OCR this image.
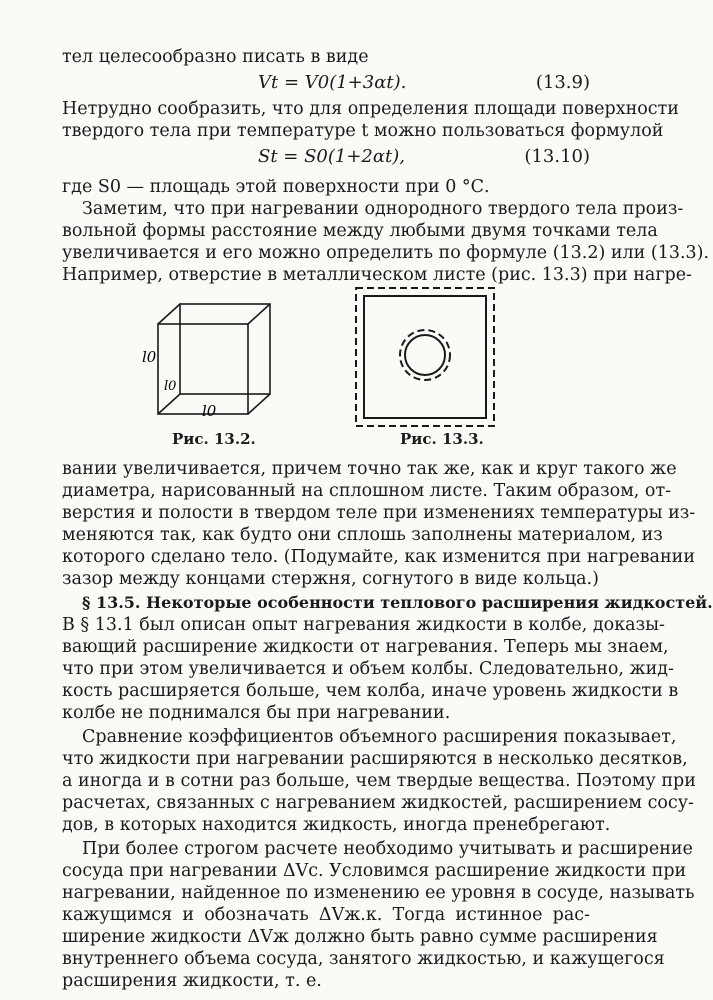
тел целесообразно писать в виде
Vt = V0(1+3αt).	(13.9)
Нетрудно сообразить, что для определения площади поверхности
твердого тела при температуре t можно пользоваться формулой
St = S0(1+2αt),	(13.10)
где S0 — площадь этой поверхности при 0 °С.
Заметим, что при нагревании однородного твердого тела произ-
вольной формы расстояние между любыми двумя точками тела
увеличивается и его можно определить по формуле (13.2) или (13.3).
Например, отверстие в металлическом листе (рис. 13.3) при нагре-
l0
l0
l0
Рис. 13.2.	Рис. 13.3.
вании увеличивается, причем точно так же, как и круг такого же
диаметра, нарисованный на сплошном листе. Таким образом, от-
верстия и полости в твердом теле при изменениях температуры из-
меняются так, как будто они сплошь заполнены материалом, из
которого сделано тело. (Подумайте, как изменится при нагревании
зазор между концами стержня, согнутого в виде кольца.)
§ 13.5. Некоторые особенности теплового расширения жидкостей.
В § 13.1 был описан опыт нагревания жидкости в колбе, доказы-
вающий расширение жидкости от нагревания. Теперь мы знаем,
что при этом увеличивается и объем колбы. Следовательно, жид-
кость расширяется больше, чем колба, иначе уровень жидкости в
колбе не поднимался бы при нагревании.
Сравнение коэффициентов объемного расширения показывает,
что жидкости при нагревании расширяются в несколько десятков,
а иногда и в сотни раз больше, чем твердые вещества. Поэтому при
расчетах, связанных с нагреванием жидкостей, расширением сосу-
дов, в которых находится жидкость, иногда пренебрегают.
При более строгом расчете необходимо учитывать и расширение
сосуда при нагревании ΔVc. Условимся расширение жидкости при
нагревании, найденное по изменению ее уровня в сосуде, называть
кажущимся и обозначать ΔVж.к. Тогда истинное рас-
ширение жидкости ΔVж должно быть равно сумме расширения
внутреннего объема сосуда, занятого жидкостью, и кажущегося
расширения жидкости, т. е.
